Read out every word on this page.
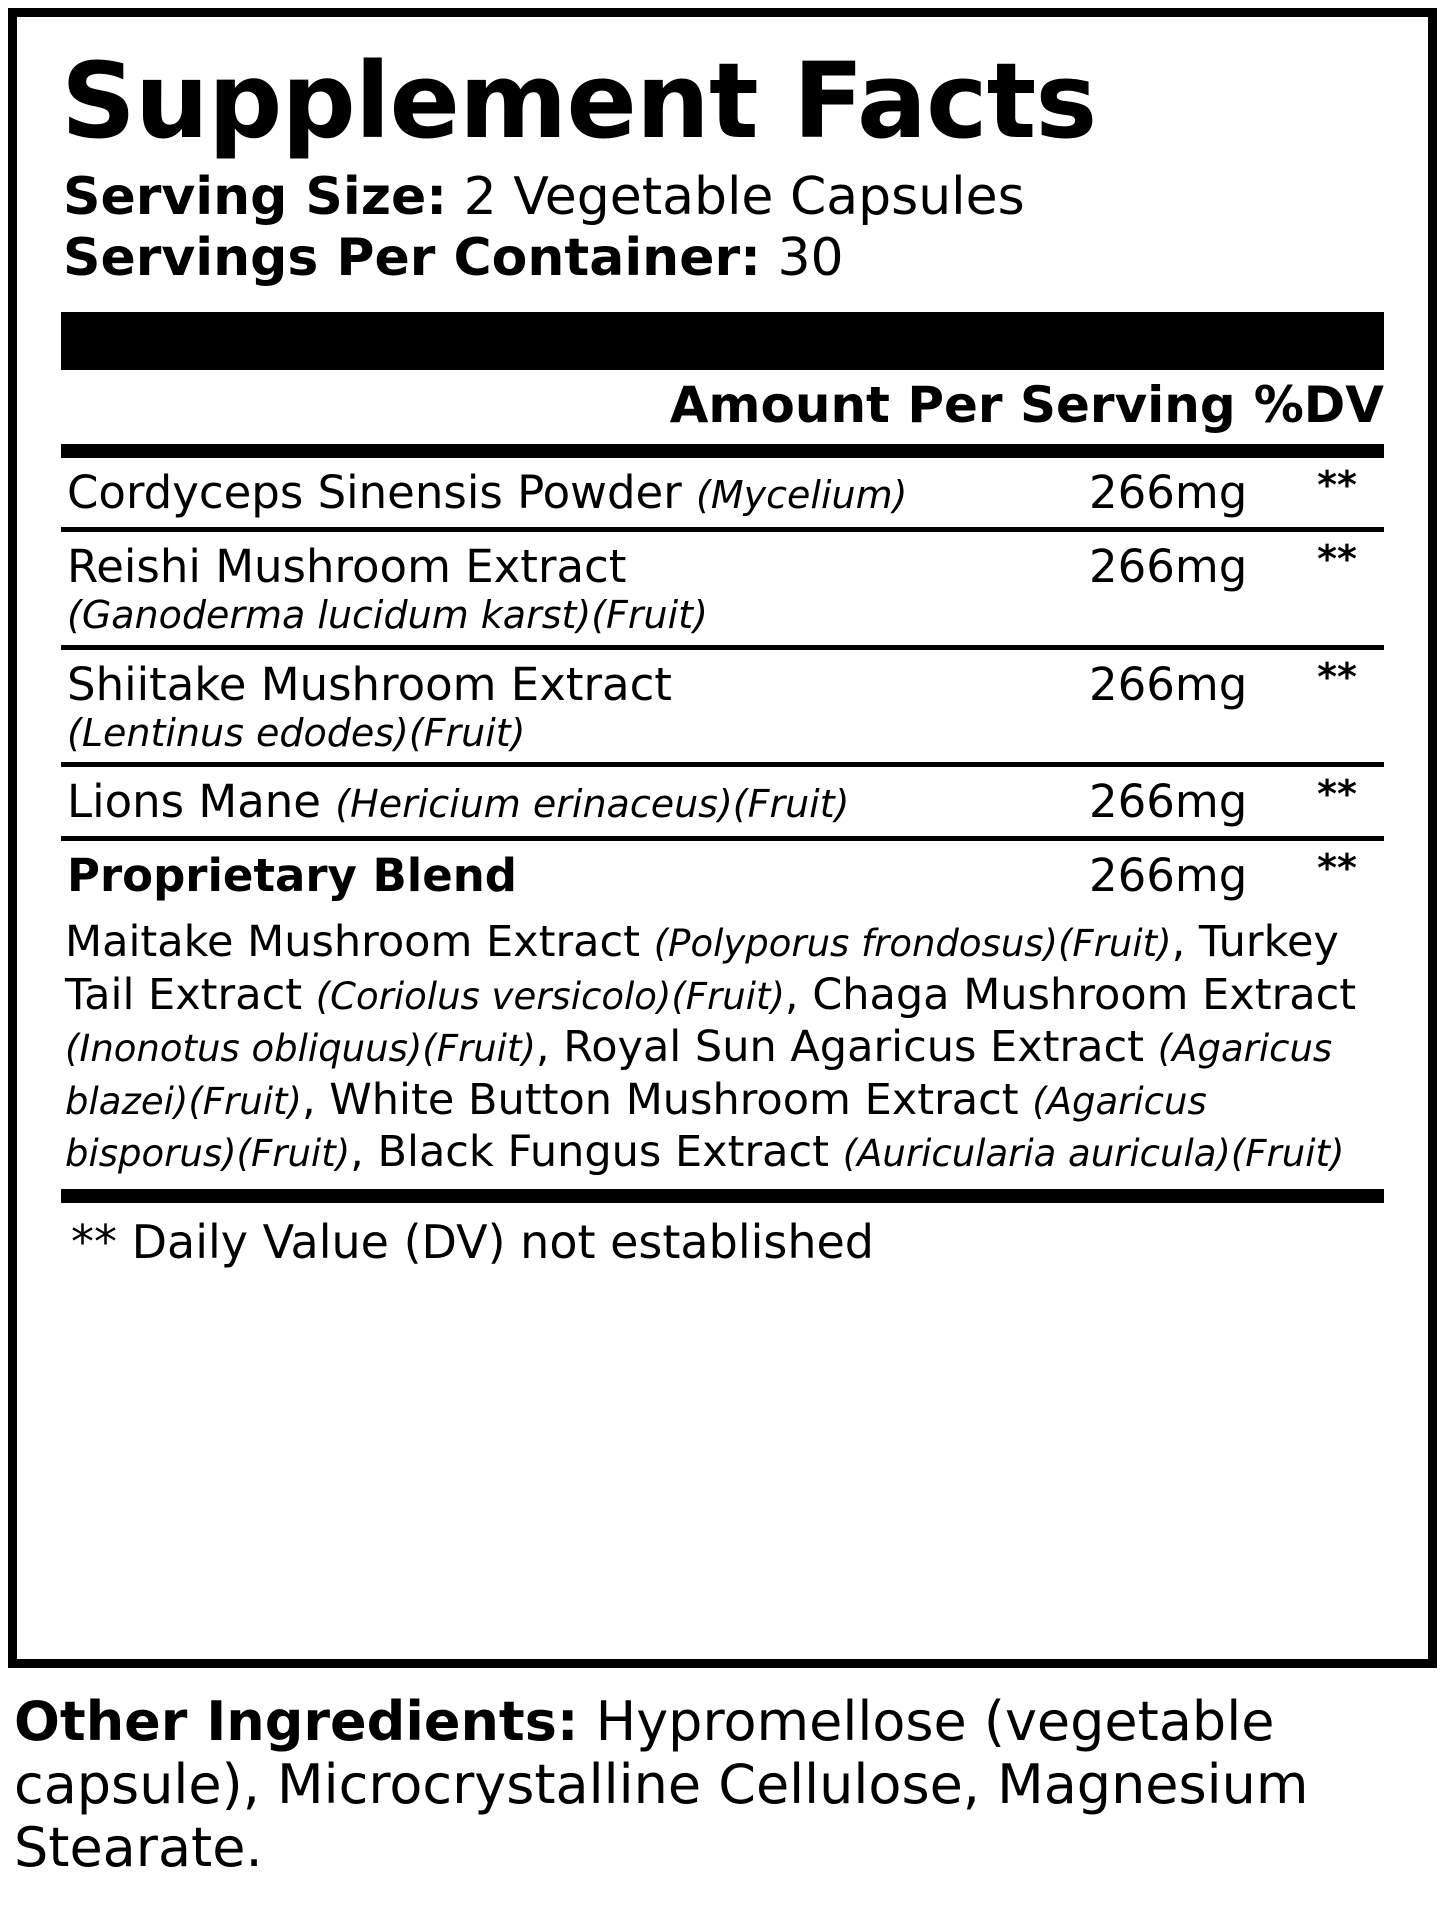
Supplement Facts
Serving Size: 2 Vegetable Capsules
Servings Per Container: 30
Amount Per Serving %DV
Cordyceps Sinensis Powder (Mycelium)	266mg	**
Reishi Mushroom Extract	266mg	**
(Ganoderma lucidum karst)(Fruit)
Shiitake Mushroom Extract	266mg	**
(Lentinus edodes)(Fruit)
Lions Mane (Hericium erinaceus)(Fruit)	266mg	**
Proprietary Blend	266mg	**
Maitake Mushroom Extract (Polyporus frondosus)(Fruit), Turkey Tail Extract (Coriolus versicolo)(Fruit), Chaga Mushroom Extract (Inonotus obliquus)(Fruit), Royal Sun Agaricus Extract (Agaricus blazei)(Fruit), White Button Mushroom Extract (Agaricus bisporus)(Fruit), Black Fungus Extract (Auricularia auricula)(Fruit)
** Daily Value (DV) not established
Other Ingredients: Hypromellose (vegetable capsule), Microcrystalline Cellulose, Magnesium Stearate.
